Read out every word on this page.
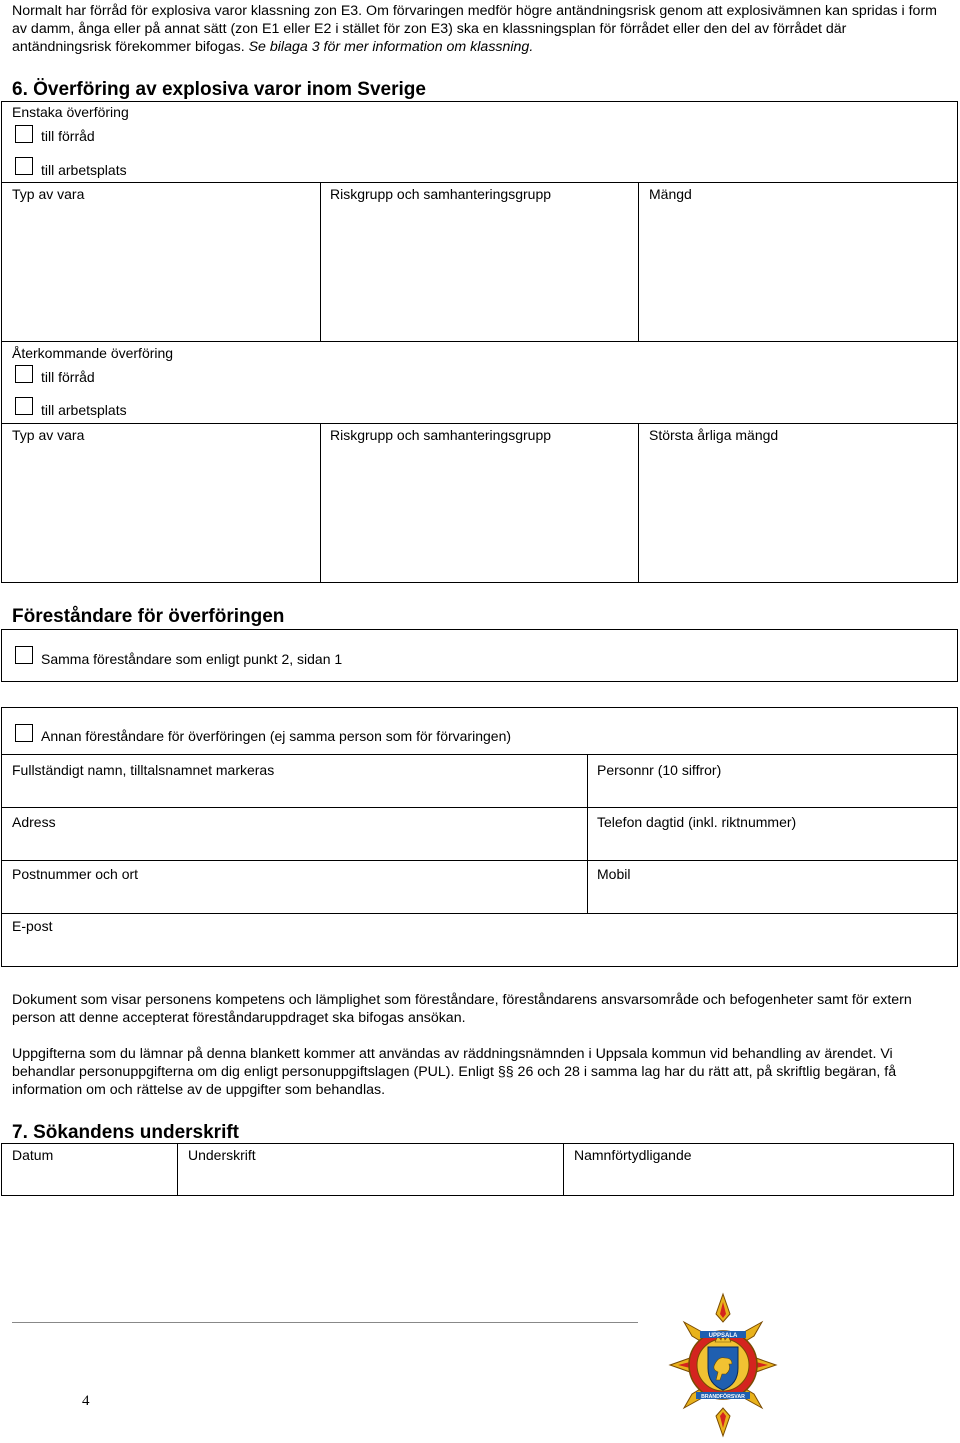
Normalt har förråd för explosiva varor klassning zon E3. Om förvaringen medför högre antändningsrisk genom att explosivämnen kan spridas i form av damm, ånga eller på annat sätt (zon E1 eller E2 i stället för zon E3) ska en klassningsplan för förrådet eller den del av förrådet där antändningsrisk förekommer bifogas. Se bilaga 3 för mer information om klassning.
6. Överföring av explosiva varor inom Sverige
Enstaka överföring
till förråd
till arbetsplats
Typ av vara	Riskgrupp och samhanteringsgrupp	Mängd
Återkommande överföring
till förråd
till arbetsplats
Typ av vara	Riskgrupp och samhanteringsgrupp	Största årliga mängd
Föreståndare för överföringen
Samma föreståndare som enligt punkt 2, sidan 1
Annan föreståndare för överföringen (ej samma person som för förvaringen)
Fullständigt namn, tilltalsnamnet markeras	Personnr (10 siffror)
Adress	Telefon dagtid (inkl. riktnummer)
Postnummer och ort	Mobil
E-post
Dokument som visar personens kompetens och lämplighet som föreståndare, föreståndarens ansvarsområde och befogenheter samt för extern person att denne accepterat föreståndaruppdraget ska bifogas ansökan.
Uppgifterna som du lämnar på denna blankett kommer att användas av räddningsnämnden i Uppsala kommun vid behandling av ärendet. Vi behandlar personuppgifterna om dig enligt personuppgiftslagen (PUL). Enligt §§ 26 och 28 i samma lag har du rätt att, på skriftlig begäran, få information om och rättelse av de uppgifter som behandlas.
7. Sökandens underskrift
Datum	Underskrift	Namnförtydligande
4
UPPSALA
BRANDFÖRSVAR
